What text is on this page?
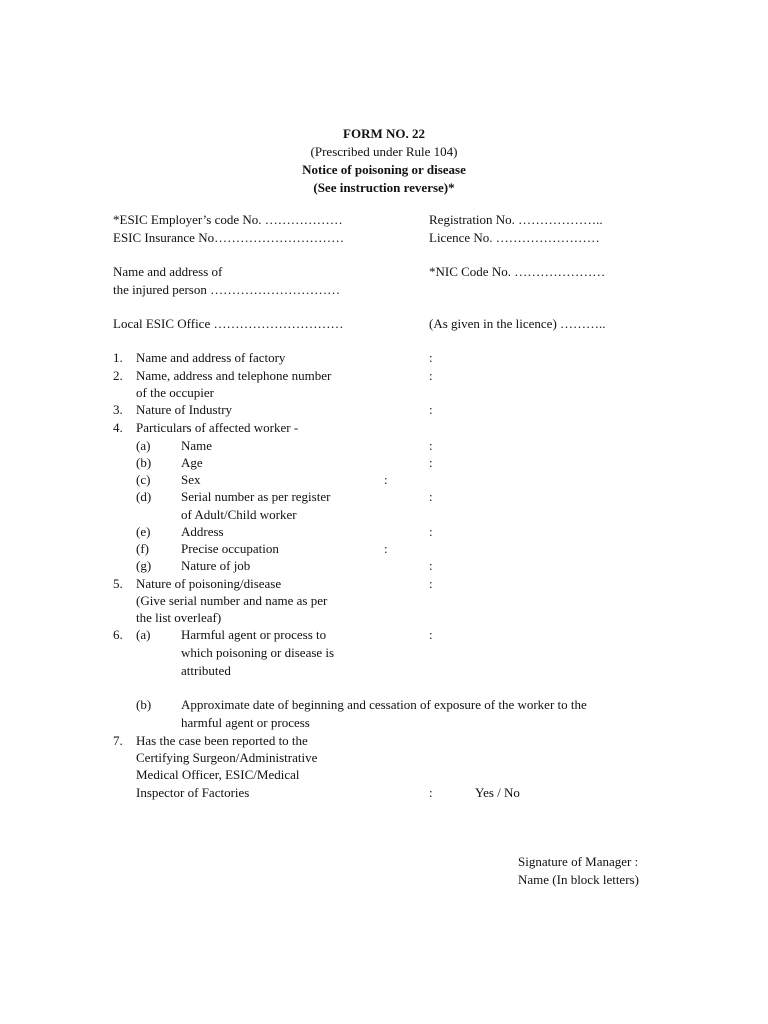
FORM NO. 22
(Prescribed under Rule 104)
Notice of poisoning or disease
(See instruction reverse)*
*ESIC Employer’s code No. ………………	Registration No. ………………..
ESIC Insurance No…………………………	Licence No. ……………………
Name and address of
the injured person …………………………
*NIC Code No. …………………
Local ESIC Office …………………………	(As given in the licence) ………..
1. Name and address of factory	:
2. Name, address and telephone number
of the occupier
:
3. Nature of Industry	:
4. Particulars of affected worker -
(a) Name	:
(b) Age	:
(c) Sex	:
(d) Serial number as per register
of Adult/Child worker
:
(e) Address	:
(f) Precise occupation	:
(g) Nature of job	:
5. Nature of poisoning/disease
(Give serial number and name as per
the list overleaf)
:
6. (a) Harmful agent or process to
which poisoning or disease is
attributed
:
(b) Approximate date of beginning and cessation of exposure of the worker to the
harmful agent or process
7. Has the case been reported to the
Certifying Surgeon/Administrative
Medical Officer, ESIC/Medical
Inspector of Factories	:	Yes / No
Signature of Manager :
Name (In block letters)
